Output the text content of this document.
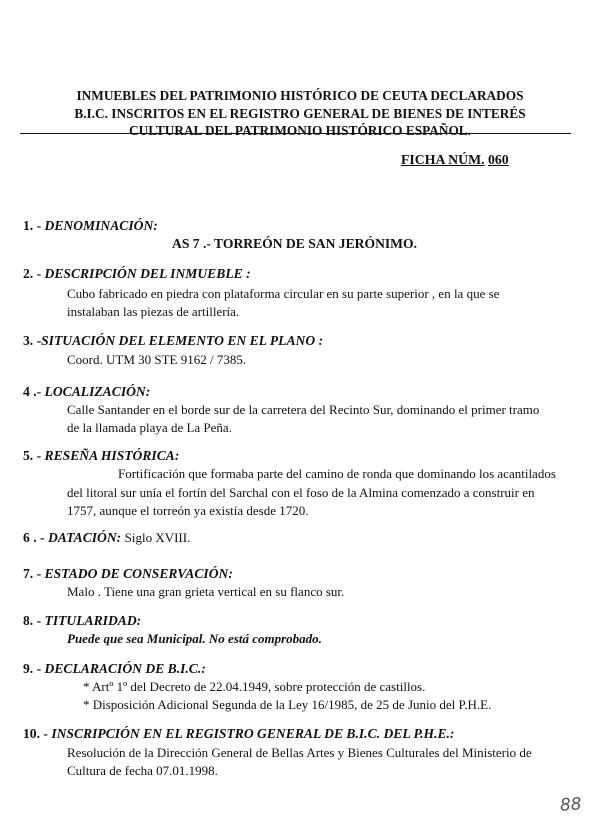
INMUEBLES DEL PATRIMONIO HISTÓRICO DE CEUTA DECLARADOS
B.I.C. INSCRITOS EN EL REGISTRO GENERAL DE BIENES DE INTERÉS
CULTURAL DEL PATRIMONIO HISTÓRICO ESPAÑOL.
FICHA NÚM. 060
1. - DENOMINACIÓN:
AS 7 .- TORREÓN DE SAN JERÓNIMO.
2. - DESCRIPCIÓN DEL INMUEBLE :
Cubo fabricado en piedra con plataforma circular en su parte superior , en la que se
instalaban las piezas de artillería.
3. -SITUACIÓN DEL ELEMENTO EN EL PLANO :
Coord. UTM 30 STE 9162 / 7385.
4 .- LOCALIZACIÓN:
Calle Santander en el borde sur de la carretera del Recinto Sur, dominando el primer tramo
de la llamada playa de La Peña.
5. - RESEÑA HISTÓRICA:
Fortificación que formaba parte del camino de ronda que dominando los acantilados
del litoral sur unía el fortín del Sarchal con el foso de la Almina comenzado a construir en
1757, aunque el torreón ya existía desde 1720.
6 . - DATACIÓN: Siglo XVIII.
7. - ESTADO DE CONSERVACIÓN:
Malo . Tiene una gran grieta vertical en su flanco sur.
8. - TITULARIDAD:
Puede que sea Municipal. No está comprobado.
9. - DECLARACIÓN DE B.I.C.:
* Artº 1º del Decreto de 22.04.1949, sobre protección de castillos.
* Disposición Adicional Segunda de la Ley 16/1985, de 25 de Junio del P.H.E.
10. - INSCRIPCIÓN EN EL REGISTRO GENERAL DE B.I.C. DEL P.H.E.:
Resolución de la Dirección General de Bellas Artes y Bienes Culturales del Ministerio de
Cultura de fecha 07.01.1998.
88
